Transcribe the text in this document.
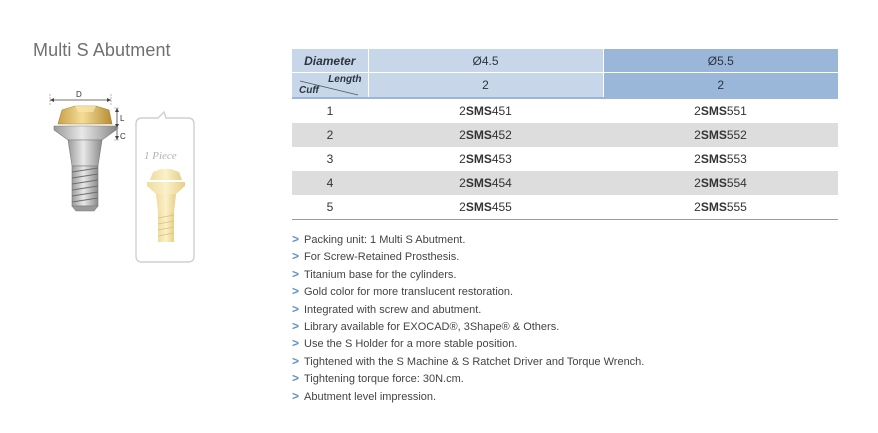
Multi S Abutment
D
L
C
1 Piece
Diameter	Ø4.5	Ø5.5

Length
Cuff	2	2
1	2SMS451	2SMS551
2	2SMS452	2SMS552
3	2SMS453	2SMS553
4	2SMS454	2SMS554
5	2SMS455	2SMS555
> Packing unit: 1 Multi S Abutment.
> For Screw-Retained Prosthesis.
> Titanium base for the cylinders.
> Gold color for more translucent restoration.
> Integrated with screw and abutment.
> Library available for EXOCAD®, 3Shape® & Others.
> Use the S Holder for a more stable position.
> Tightened with the S Machine & S Ratchet Driver and Torque Wrench.
> Tightening torque force: 30N.cm.
> Abutment level impression.
